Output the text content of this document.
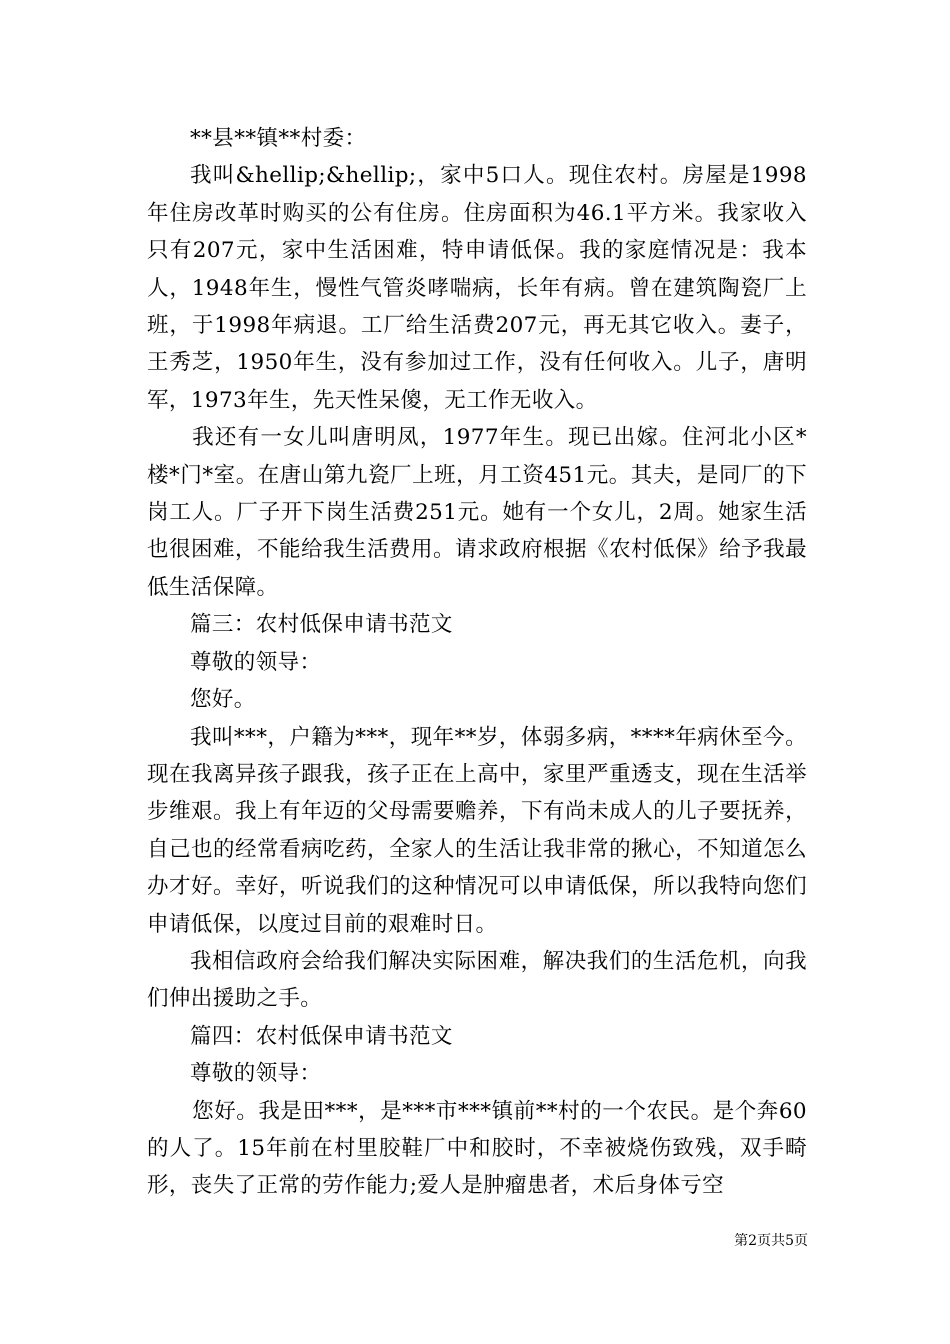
**县**镇**村委：

我叫&hellip;&hellip;，家中5口人。现住农村。房屋是1998年住房改革时购买的公有住房。住房面积为46.1平方米。我家收入只有207元，家中生活困难，特申请低保。我的家庭情况是：我本人，1948年生，慢性气管炎哮喘病，长年有病。曾在建筑陶瓷厂上班，于1998年病退。工厂给生活费207元，再无其它收入。妻子，王秀芝，1950年生，没有参加过工作，没有任何收入。儿子，唐明军，1973年生，先天性呆傻，无工作无收入。

我还有一女儿叫唐明凤，1977年生。现已出嫁。住河北小区*楼*门*室。在唐山第九瓷厂上班，月工资451元。其夫，是同厂的下岗工人。厂子开下岗生活费251元。她有一个女儿，2周。她家生活也很困难，不能给我生活费用。请求政府根据《农村低保》给予我最低生活保障。

篇三：农村低保申请书范文

尊敬的领导：

您好。

我叫***，户籍为***，现年**岁，体弱多病，****年病休至今。现在我离异孩子跟我，孩子正在上高中，家里严重透支，现在生活举步维艰。我上有年迈的父母需要赡养，下有尚未成人的儿子要抚养，自己也的经常看病吃药，全家人的生活让我非常的揪心，不知道怎么办才好。幸好，听说我们的这种情况可以申请低保，所以我特向您们申请低保，以度过目前的艰难时日。

我相信政府会给我们解决实际困难，解决我们的生活危机，向我们伸出援助之手。

篇四：农村低保申请书范文

尊敬的领导：

您好。我是田***，是***市***镇前**村的一个农民。是个奔60的人了。15年前在村里胶鞋厂中和胶时，不幸被烧伤致残，双手畸形，丧失了正常的劳作能力;爱人是肿瘤患者，术后身体亏空

第2页共5页
